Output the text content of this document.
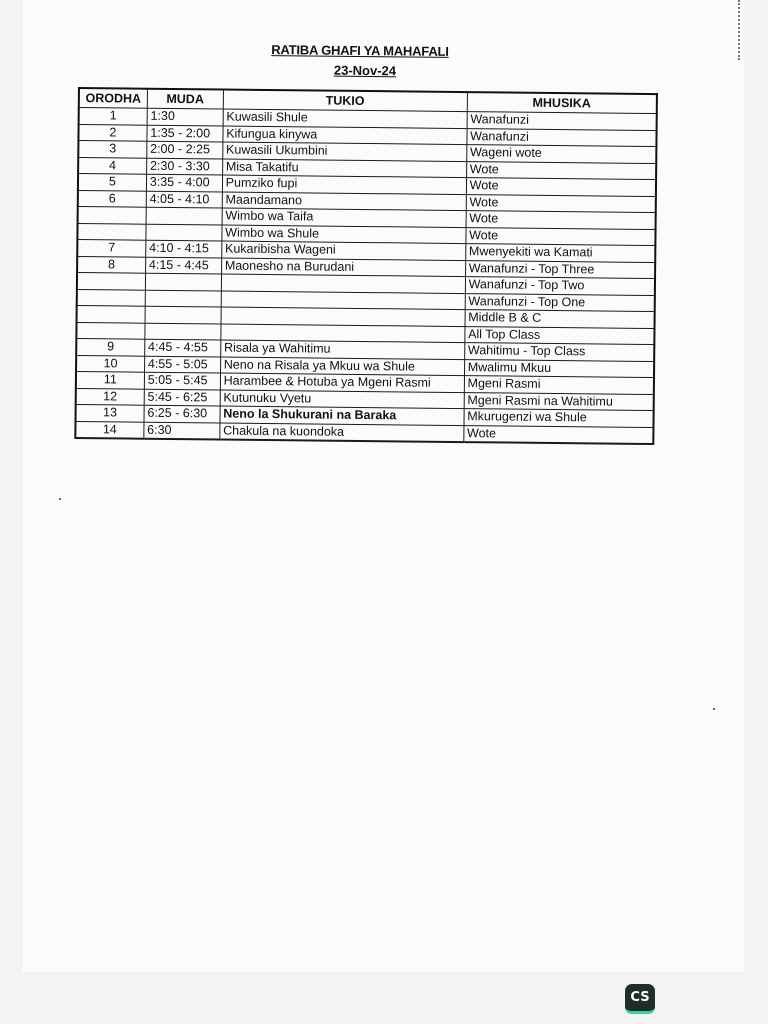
RATIBA GHAFI YA MAHAFALI
23-Nov-24
ORODHA	MUDA	TUKIO	MHUSIKA
1	1:30	Kuwasili Shule	Wanafunzi
2	1:35 - 2:00	Kifungua kinywa	Wanafunzi
3	2:00 - 2:25	Kuwasili Ukumbini	Wageni wote
4	2:30 - 3:30	Misa Takatifu	Wote
5	3:35 - 4:00	Pumziko fupi	Wote
6	4:05 - 4:10	Maandamano	Wote
		Wimbo wa Taifa	Wote
		Wimbo wa Shule	Wote
7	4:10 - 4:15	Kukaribisha Wageni	Mwenyekiti wa Kamati
8	4:15 - 4:45	Maonesho na Burudani	Wanafunzi - Top Three
			Wanafunzi - Top Two
			Wanafunzi - Top One
			Middle B & C
			All Top Class
9	4:45 - 4:55	Risala ya Wahitimu	Wahitimu - Top Class
10	4:55 - 5:05	Neno na Risala ya Mkuu wa Shule	Mwalimu Mkuu
11	5:05 - 5:45	Harambee & Hotuba ya Mgeni Rasmi	Mgeni Rasmi
12	5:45 - 6:25	Kutunuku Vyetu	Mgeni Rasmi na Wahitimu
13	6:25 - 6:30	Neno la Shukurani na Baraka	Mkurugenzi wa Shule
14	6:30	Chakula na kuondoka	Wote
CS
